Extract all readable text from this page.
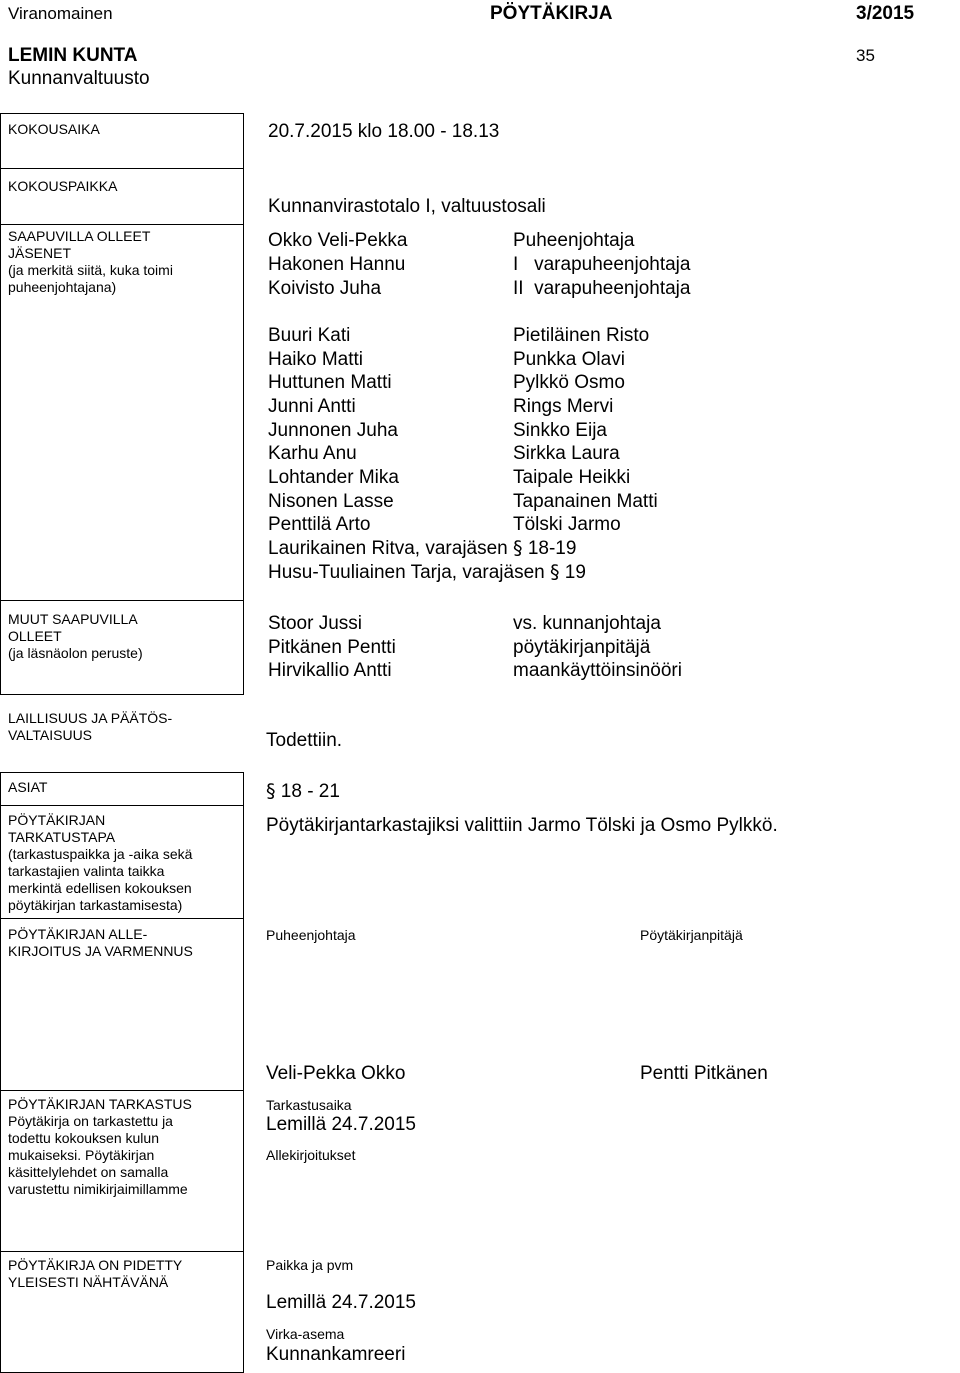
Viranomainen	PÖYTÄKIRJA	3/2015
LEMIN KUNTA	35
Kunnanvaltuusto
KOKOUSAIKA	20.7.2015 klo 18.00 - 18.13
KOKOUSPAIKKA
Kunnanvirastotalo I, valtuustosali
SAAPUVILLA OLLEET
JÄSENET
(ja merkitä siitä, kuka toimi
puheenjohtajana)
Okko Veli-Pekka	Puheenjohtaja
Hakonen Hannu	I   varapuheenjohtaja
Koivisto Juha	II  varapuheenjohtaja
Buuri Kati	Pietiläinen Risto
Haiko Matti	Punkka Olavi
Huttunen Matti	Pylkkö Osmo
Junni Antti	Rings Mervi
Junnonen Juha	Sinkko Eija
Karhu Anu	Sirkka Laura
Lohtander Mika	Taipale Heikki
Nisonen Lasse	Tapanainen Matti
Penttilä Arto	Tölski Jarmo
Laurikainen Ritva, varajäsen § 18-19
Husu-Tuuliainen Tarja, varajäsen § 19
MUUT SAAPUVILLA
OLLEET
(ja läsnäolon peruste)
Stoor Jussi	vs. kunnanjohtaja
Pitkänen Pentti	pöytäkirjanpitäjä
Hirvikallio Antti	maankäyttöinsinööri
LAILLISUUS JA PÄÄTÖS-
VALTAISUUS	Todettiin.
ASIAT	§ 18 - 21
PÖYTÄKIRJAN
TARKATUSTAPA
(tarkastuspaikka ja -aika sekä
tarkastajien valinta taikka
merkintä edellisen kokouksen
pöytäkirjan tarkastamisesta)
Pöytäkirjantarkastajiksi valittiin Jarmo Tölski ja Osmo Pylkkö.
PÖYTÄKIRJAN ALLE-
KIRJOITUS JA VARMENNUS
Puheenjohtaja	Pöytäkirjanpitäjä
Veli-Pekka Okko	Pentti Pitkänen
PÖYTÄKIRJAN TARKASTUS
Pöytäkirja on tarkastettu ja
todettu kokouksen kulun
mukaiseksi. Pöytäkirjan
käsittelylehdet on samalla
varustettu nimikirjaimillamme
Tarkastusaika
Lemillä 24.7.2015
Allekirjoitukset
PÖYTÄKIRJA ON PIDETTY
YLEISESTI NÄHTÄVÄNÄ
Paikka ja pvm
Lemillä 24.7.2015
Virka-asema
Kunnankamreeri
